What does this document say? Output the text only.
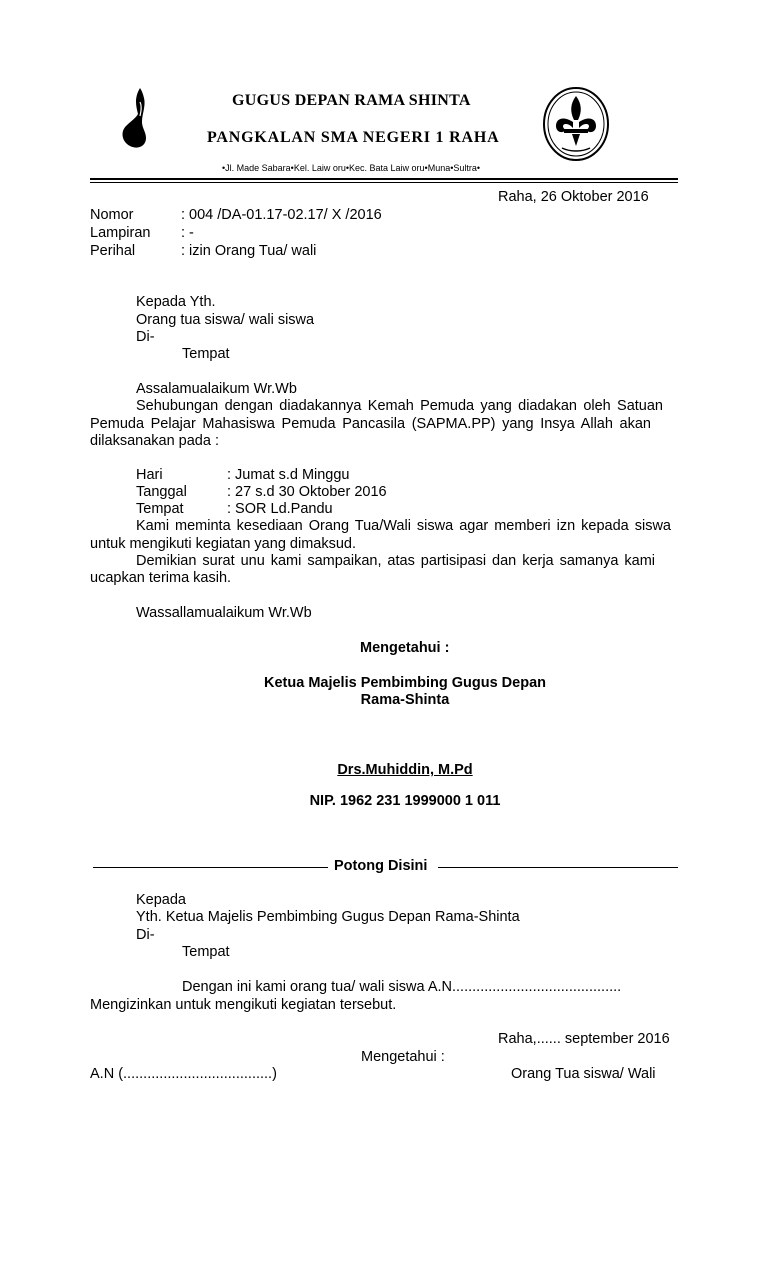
GUGUS DEPAN RAMA SHINTA
PANGKALAN SMA NEGERI 1 RAHA
•Jl. Made Sabara•Kel. Laiw oru•Kec. Bata Laiw oru•Muna•Sultra•
Raha, 26 Oktober 2016
Nomor	: 004 /DA-01.17-02.17/ X /2016
Lampiran : -
Perihal	: izin Orang Tua/ wali
Kepada Yth.
Orang tua siswa/ wali siswa
Di-
Tempat
Assalamualaikum Wr.Wb
Sehubungan dengan diadakannya Kemah Pemuda yang diadakan oleh Satuan
Pemuda Pelajar Mahasiswa Pemuda Pancasila (SAPMA.PP) yang Insya Allah akan
dilaksanakan pada :
Hari	: Jumat s.d Minggu
Tanggal	: 27 s.d 30 Oktober 2016
Tempat	: SOR Ld.Pandu
Kami meminta kesediaan Orang Tua/Wali siswa agar memberi izn kepada siswa
untuk mengikuti kegiatan yang dimaksud.
Demikian surat unu kami sampaikan, atas partisipasi dan kerja samanya kami
ucapkan terima kasih.
Wassallamualaikum Wr.Wb
Mengetahui :
Ketua Majelis Pembimbing Gugus Depan
Rama-Shinta
Drs.Muhiddin, M.Pd
NIP. 1962 231 1999000 1 011
Potong Disini
Kepada
Yth. Ketua Majelis Pembimbing Gugus Depan Rama-Shinta
Di-
Tempat
Dengan ini kami orang tua/ wali siswa A.N..........................................
Mengizinkan untuk mengikuti kegiatan tersebut.
Raha,...... september 2016
Mengetahui :
A.N (.....................................)	Orang Tua siswa/ Wali
